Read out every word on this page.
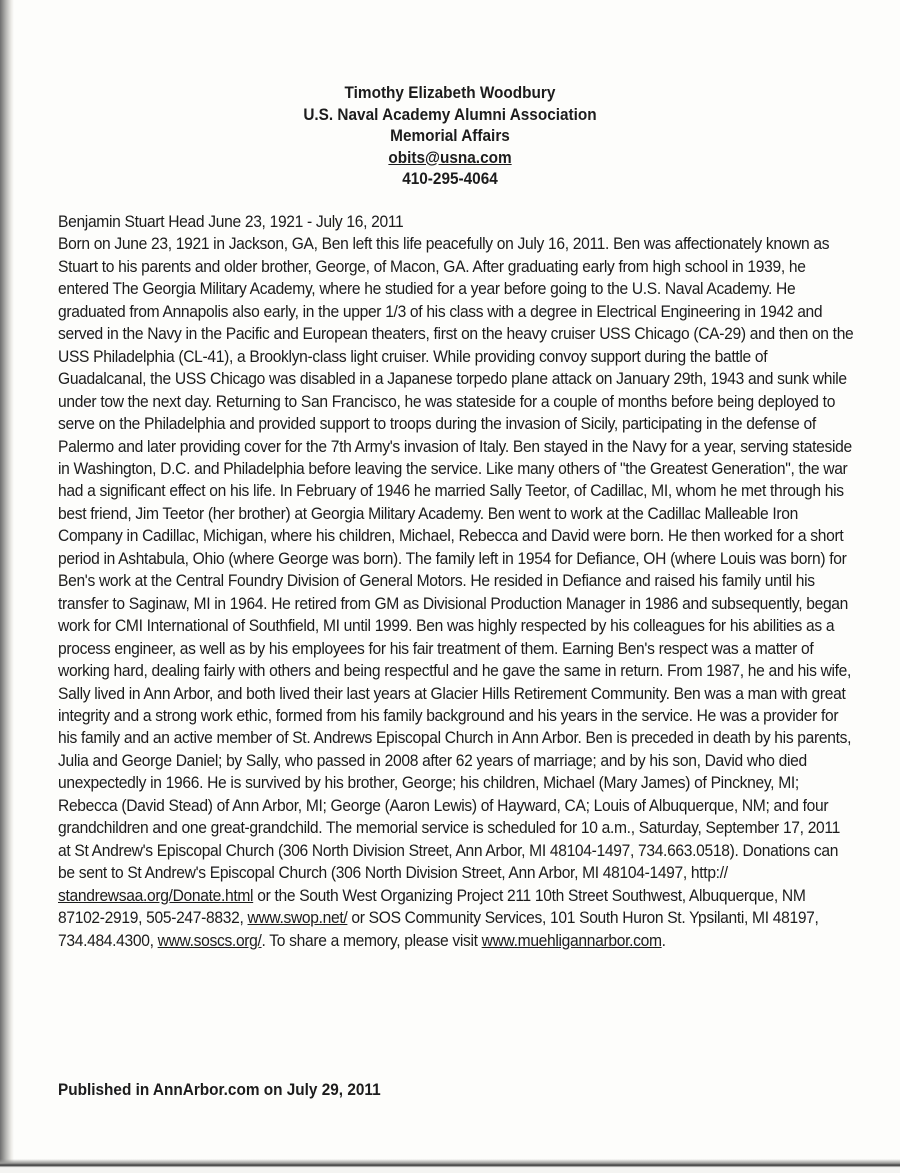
Timothy Elizabeth Woodbury
U.S. Naval Academy Alumni Association
Memorial Affairs
obits@usna.com
410-295-4064

Benjamin Stuart Head June 23, 1921 - July 16, 2011

Born on June 23, 1921 in Jackson, GA, Ben left this life peacefully on July 16, 2011. Ben was affectionately known as Stuart to his parents and older brother, George, of Macon, GA. After graduating early from high school in 1939, he entered The Georgia Military Academy, where he studied for a year before going to the U.S. Naval Academy. He graduated from Annapolis also early, in the upper 1/3 of his class with a degree in Electrical Engineering in 1942 and served in the Navy in the Pacific and European theaters, first on the heavy cruiser USS Chicago (CA-29) and then on the USS Philadelphia (CL-41), a Brooklyn-class light cruiser. While providing convoy support during the battle of Guadalcanal, the USS Chicago was disabled in a Japanese torpedo plane attack on January 29th, 1943 and sunk while under tow the next day. Returning to San Francisco, he was stateside for a couple of months before being deployed to serve on the Philadelphia and provided support to troops during the invasion of Sicily, participating in the defense of Palermo and later providing cover for the 7th Army's invasion of Italy. Ben stayed in the Navy for a year, serving stateside in Washington, D.C. and Philadelphia before leaving the service. Like many others of "the Greatest Generation", the war had a significant effect on his life. In February of 1946 he married Sally Teetor, of Cadillac, MI, whom he met through his best friend, Jim Teetor (her brother) at Georgia Military Academy. Ben went to work at the Cadillac Malleable Iron Company in Cadillac, Michigan, where his children, Michael, Rebecca and David were born. He then worked for a short period in Ashtabula, Ohio (where George was born). The family left in 1954 for Defiance, OH (where Louis was born) for Ben's work at the Central Foundry Division of General Motors. He resided in Defiance and raised his family until his transfer to Saginaw, MI in 1964. He retired from GM as Divisional Production Manager in 1986 and subsequently, began work for CMI International of Southfield, MI until 1999. Ben was highly respected by his colleagues for his abilities as a process engineer, as well as by his employees for his fair treatment of them. Earning Ben's respect was a matter of working hard, dealing fairly with others and being respectful and he gave the same in return. From 1987, he and his wife, Sally lived in Ann Arbor, and both lived their last years at Glacier Hills Retirement Community. Ben was a man with great integrity and a strong work ethic, formed from his family background and his years in the service. He was a provider for his family and an active member of St. Andrews Episcopal Church in Ann Arbor. Ben is preceded in death by his parents, Julia and George Daniel; by Sally, who passed in 2008 after 62 years of marriage; and by his son, David who died unexpectedly in 1966. He is survived by his brother, George; his children, Michael (Mary James) of Pinckney, MI; Rebecca (David Stead) of Ann Arbor, MI; George (Aaron Lewis) of Hayward, CA; Louis of Albuquerque, NM; and four grandchildren and one great-grandchild. The memorial service is scheduled for 10 a.m., Saturday, September 17, 2011 at St Andrew's Episcopal Church (306 North Division Street, Ann Arbor, MI 48104-1497, 734.663.0518). Donations can be sent to St Andrew's Episcopal Church (306 North Division Street, Ann Arbor, MI 48104-1497, http:// standrewsaa.org/Donate.html or the South West Organizing Project 211 10th Street Southwest, Albuquerque, NM 87102-2919, 505-247-8832, www.swop.net/ or SOS Community Services, 101 South Huron St. Ypsilanti, MI 48197, 734.484.4300, www.soscs.org/. To share a memory, please visit www.muehligannarbor.com.

Published in AnnArbor.com on July 29, 2011
